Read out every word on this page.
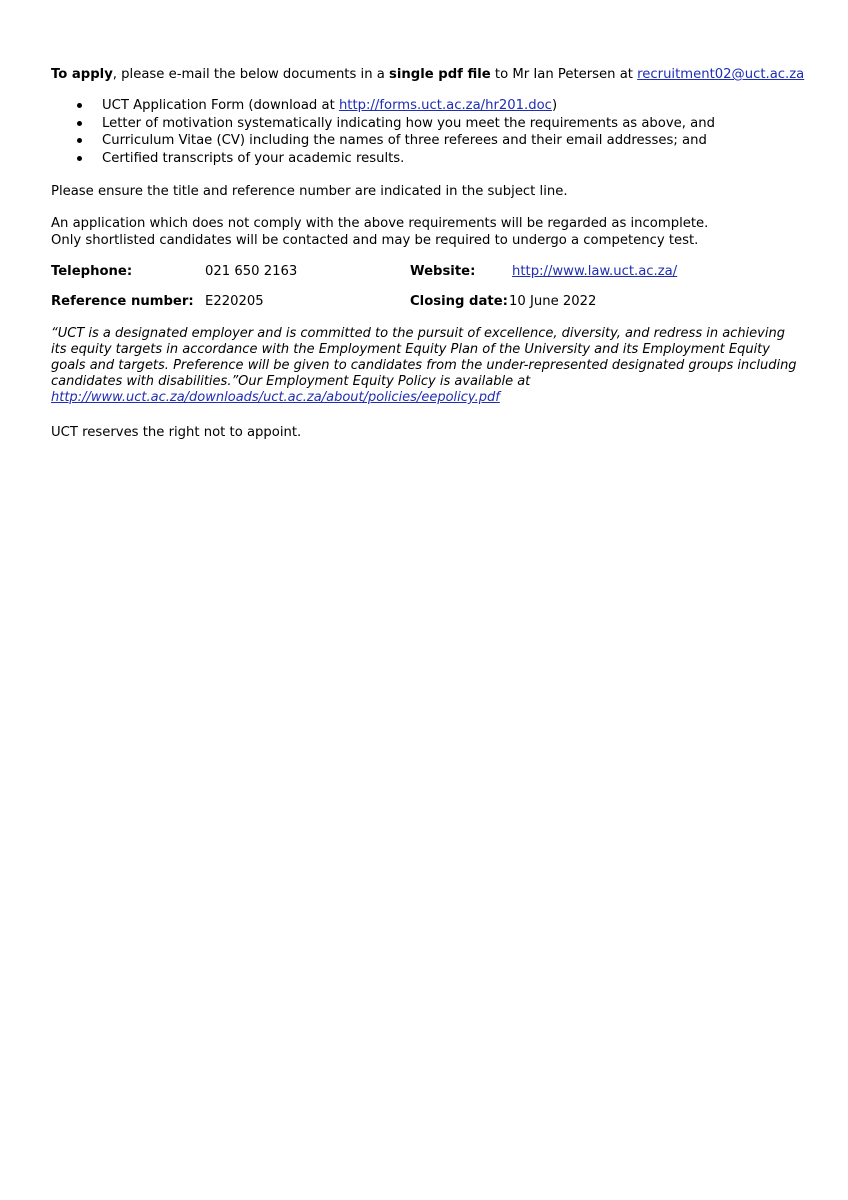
To apply, please e-mail the below documents in a single pdf file to Mr Ian Petersen at recruitment02@uct.ac.za
UCT Application Form (download at http://forms.uct.ac.za/hr201.doc)
Letter of motivation systematically indicating how you meet the requirements as above, and
Curriculum Vitae (CV) including the names of three referees and their email addresses; and
Certified transcripts of your academic results.
Please ensure the title and reference number are indicated in the subject line.
An application which does not comply with the above requirements will be regarded as incomplete.
Only shortlisted candidates will be contacted and may be required to undergo a competency test.
Telephone:	021 650 2163	Website:	http://www.law.uct.ac.za/
Reference number: E220205	Closing date: 10 June 2022
“UCT is a designated employer and is committed to the pursuit of excellence, diversity, and redress in achieving
its equity targets in accordance with the Employment Equity Plan of the University and its Employment Equity
goals and targets. Preference will be given to candidates from the under-represented designated groups including
candidates with disabilities.”Our Employment Equity Policy is available at
http://www.uct.ac.za/downloads/uct.ac.za/about/policies/eepolicy.pdf
UCT reserves the right not to appoint.
